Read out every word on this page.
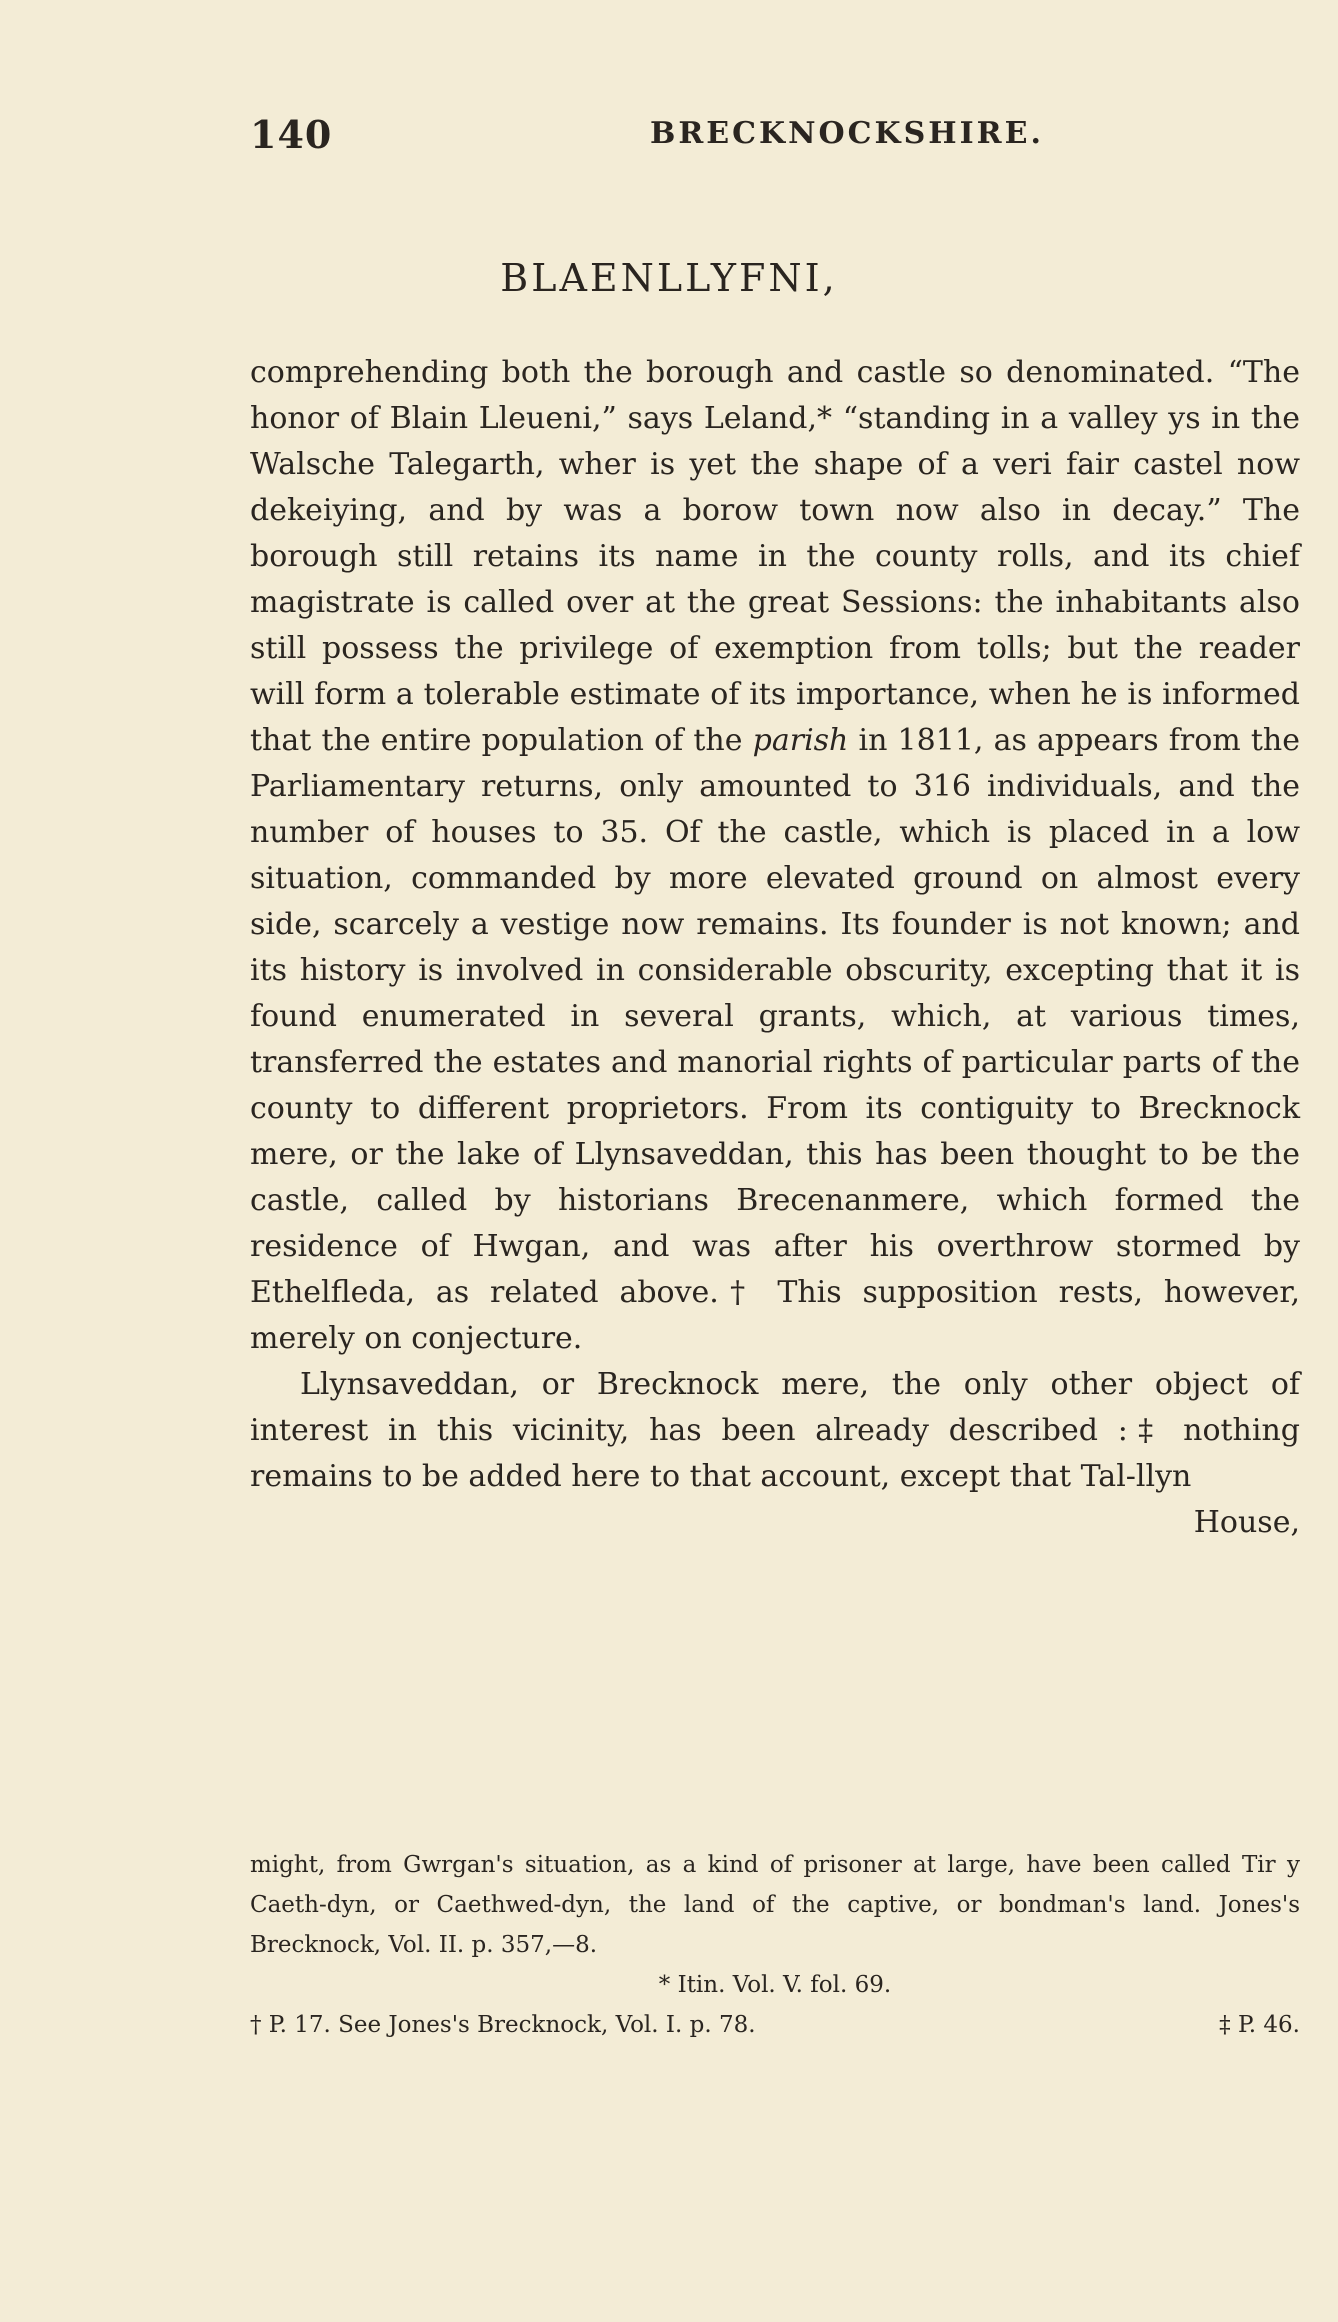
140	BRECKNOCKSHIRE.
BLAENLLYFNI,

comprehending both the borough and castle so denominated. “The honor of Blain Lleueni,” says Leland,* “standing in a valley ys in the Walsche Talegarth, wher is yet the shape of a veri fair castel now dekeiying, and by was a borow town now also in decay.” The borough still retains its name in the county rolls, and its chief magistrate is called over at the great Sessions: the inhabitants also still possess the privilege of exemption from tolls; but the reader will form a tolerable estimate of its importance, when he is informed that the entire population of the parish in 1811, as appears from the Parliamentary returns, only amounted to 316 individuals, and the number of houses to 35. Of the castle, which is placed in a low situation, commanded by more elevated ground on almost every side, scarcely a vestige now remains. Its founder is not known; and its history is involved in considerable obscurity, excepting that it is found enumerated in several grants, which, at various times, transferred the estates and manorial rights of particular parts of the county to different proprietors. From its contiguity to Brecknock mere, or the lake of Llynsaveddan, this has been thought to be the castle, called by historians Brecenanmere, which formed the residence of Hwgan, and was after his overthrow stormed by Ethelfleda, as related above.† This supposition rests, however, merely on conjecture.

Llynsaveddan, or Brecknock mere, the only other object of interest in this vicinity, has been already described :‡ nothing remains to be added here to that account, except that Tal-llyn

House,

might, from Gwrgan's situation, as a kind of prisoner at large, have been called Tir y Caeth-dyn, or Caethwed-dyn, the land of the captive, or bondman's land. Jones's Brecknock, Vol. II. p. 357,—8.

* Itin. Vol. V. fol. 69.

† P. 17. See Jones's Brecknock, Vol. I. p. 78.	‡ P. 46.
